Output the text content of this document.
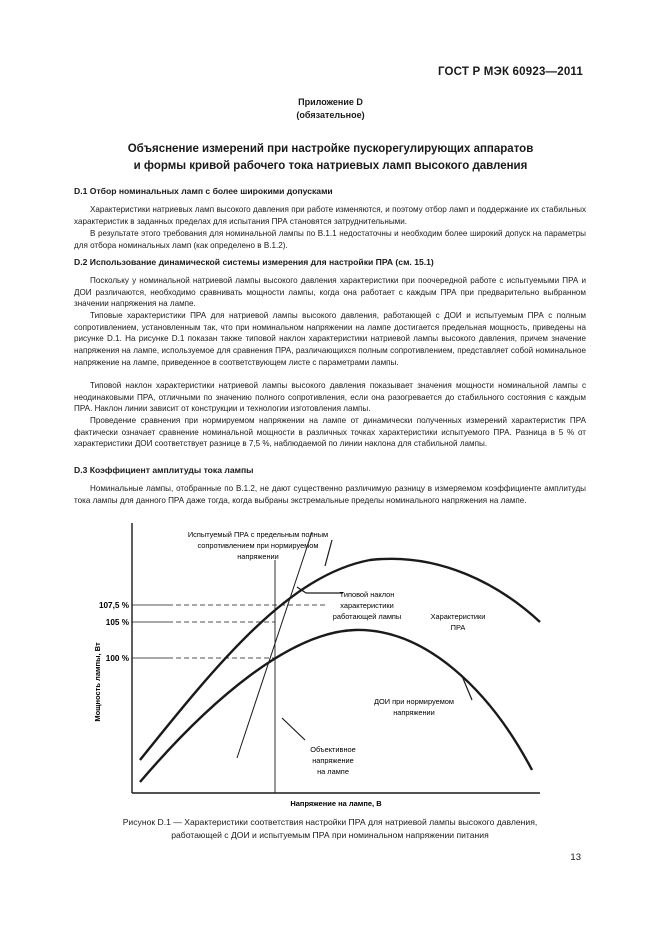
ГОСТ Р МЭК 60923—2011
Приложение D
(обязательное)
Объяснение измерений при настройке пускорегулирующих аппаратов
и формы кривой рабочего тока натриевых ламп высокого давления
D.1 Отбор номинальных ламп с более широкими допусками

Характеристики натриевых ламп высокого давления при работе изменяются, и поэтому отбор ламп и поддержание их стабильных характеристик в заданных пределах для испытания ПРА становятся затруднительными.

В результате этого требования для номинальной лампы по В.1.1 недостаточны и необходим более широкий допуск на параметры для отбора номинальных ламп (как определено в В.1.2).

D.2 Использование динамической системы измерения для настройки ПРА (см. 15.1)

Поскольку у номинальной натриевой лампы высокого давления характеристики при поочередной работе с испытуемыми ПРА и ДОИ различаются, необходимо сравнивать мощности лампы, когда она работает с каждым ПРА при предварительно выбранном значении напряжения на лампе.

Типовые характеристики ПРА для натриевой лампы высокого давления, работающей с ДОИ и испытуемым ПРА с полным сопротивлением, установленным так, что при номинальном напряжении на лампе достигается предельная мощность, приведены на рисунке D.1. На рисунке D.1 показан также типовой наклон характеристики натриевой лампы высокого давления, причем значение напряжения на лампе, используемое для сравнения ПРА, различающихся полным сопротивлением, представляет собой номинальное напряжение на лампе, приведенное в соответствующем листе с параметрами лампы.

Типовой наклон характеристики натриевой лампы высокого давления показывает значения мощности номинальной лампы с неодинаковыми ПРА, отличными по значению полного сопротивления, если она разогревается до стабильного состояния с каждым ПРА. Наклон линии зависит от конструкции и технологии изготовления лампы.

Проведение сравнения при нормируемом напряжении на лампе от динамически полученных измерений характеристик ПРА фактически означает сравнение номинальной мощности в различных точках характеристики испытуемого ПРА. Разница в 5 % от характеристики ДОИ соответствует разнице в 7,5 %, наблюдаемой по линии наклона для стабильной лампы.

D.3 Коэффициент амплитуды тока лампы

Номинальные лампы, отобранные по В.1.2, не дают существенно различимую разницу в измеряемом коэффициенте амплитуды тока лампы для данного ПРА даже тогда, когда выбраны экстремальные пределы номинального напряжения на лампе.

107,5 %
105 %
100 %
Мощность лампы, Вт
Напряжение на лампе, В
Испытуемый ПРА с предельным полным
сопротивлением при нормируемом
напряжении
Типовой наклон
характеристики
работающей лампы	Характеристики
ПРА
ДОИ при нормируемом
напряжении
Объективное
напряжение
на лампе
Рисунок D.1 — Характеристики соответствия настройки ПРА для натриевой лампы высокого давления,
работающей с ДОИ и испытуемым ПРА при номинальном напряжении питания
13
